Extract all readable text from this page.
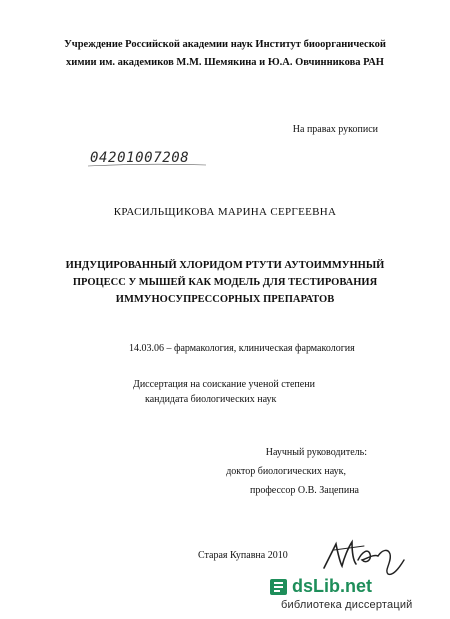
Учреждение Российской академии наук Институт биоорганической
химии им. академиков М.М. Шемякина и Ю.А. Овчинникова РАН
На правах рукописи
04201007208
КРАСИЛЬЩИКОВА МАРИНА СЕРГЕЕВНА
ИНДУЦИРОВАННЫЙ ХЛОРИДОМ РТУТИ АУТОИММУННЫЙ
ПРОЦЕСС У МЫШЕЙ КАК МОДЕЛЬ ДЛЯ ТЕСТИРОВАНИЯ
ИММУНОСУПРЕССОРНЫХ ПРЕПАРАТОВ
14.03.06 – фармакология, клиническая фармакология
Диссертация на соискание ученой степени
кандидата биологических наук
Научный руководитель:
доктор биологических наук,
профессор О.В. Зацепина
Старая Купавна 2010
dsLib.net
библиотека диссертаций
